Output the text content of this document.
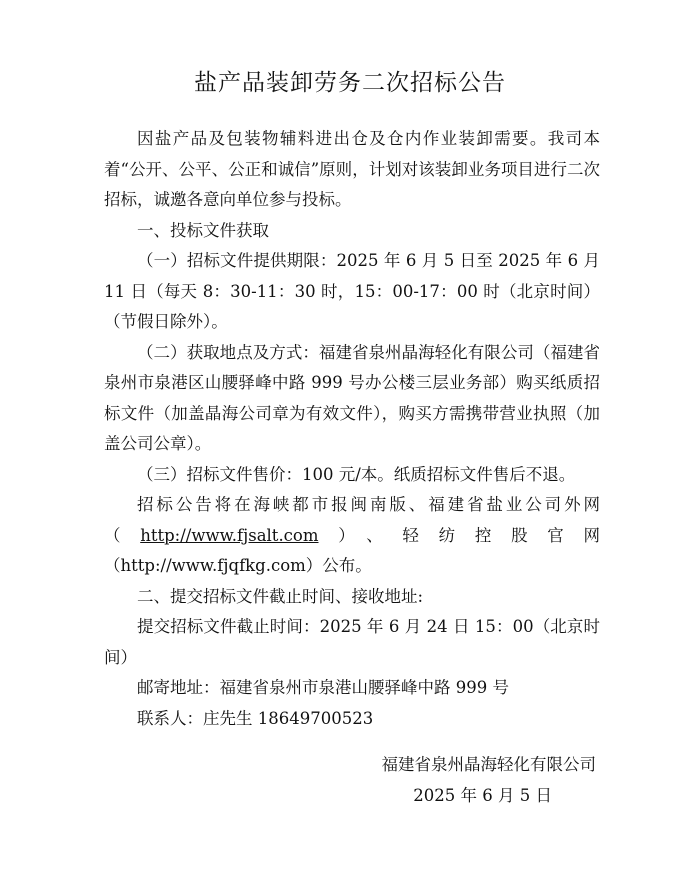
盐产品装卸劳务二次招标公告

因盐产品及包装物辅料进出仓及仓内作业装卸需要。我司本着“公开、公平、公正和诚信”原则，计划对该装卸业务项目进行二次招标，诚邀各意向单位参与投标。

一、投标文件获取

（一）招标文件提供期限：2025 年 6 月 5 日至 2025 年 6 月 11 日（每天 8：30-11：30 时，15：00-17：00 时（北京时间）（节假日除外）。

（二）获取地点及方式：福建省泉州晶海轻化有限公司（福建省泉州市泉港区山腰驿峰中路 999 号办公楼三层业务部）购买纸质招标文件（加盖晶海公司章为有效文件），购买方需携带营业执照（加盖公司公章）。

（三）招标文件售价：100 元/本。纸质招标文件售后不退。

招标公告将在海峡都市报闽南版、福建省盐业公司外网（http://www.fjsalt.com）、轻纺控股官网（http://www.fjqfkg.com）公布。

二、提交招标文件截止时间、接收地址:

提交招标文件截止时间：2025 年 6 月 24 日 15：00（北京时间）

邮寄地址：福建省泉州市泉港山腰驿峰中路 999 号

联系人：庄先生 18649700523

福建省泉州晶海轻化有限公司
2025 年 6 月 5 日
